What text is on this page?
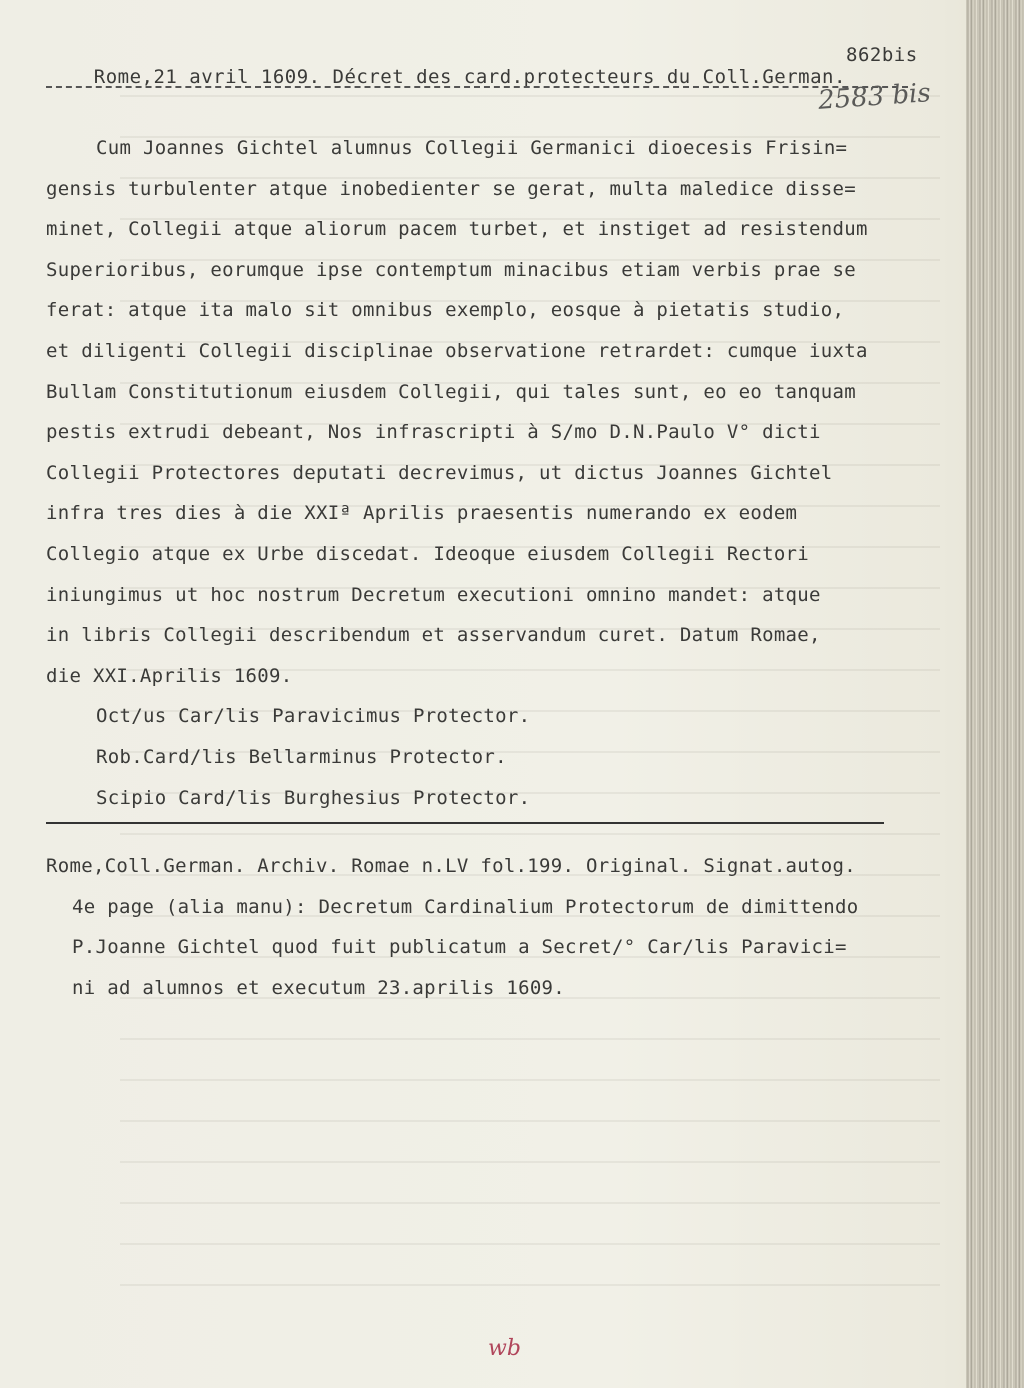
Rome,21 avril 1609. Décret des card.protecteurs du Coll.German.

862bis

2583 bis

Cum Joannes Gichtel alumnus Collegii Germanici dioecesis Frisin=

gensis turbulenter atque inobedienter se gerat, multa maledice disse=

minet, Collegii atque aliorum pacem turbet, et instiget ad resistendum

Superioribus, eorumque ipse contemptum minacibus etiam verbis prae se

ferat: atque ita malo sit omnibus exemplo, eosque à pietatis studio,

et diligenti Collegii disciplinae observatione retrardet: cumque iuxta

Bullam Constitutionum eiusdem Collegii, qui tales sunt, eo eo tanquam

pestis extrudi debeant, Nos infrascripti à S/mo D.N.Paulo V° dicti

Collegii Protectores deputati decrevimus, ut dictus Joannes Gichtel

infra tres dies à die XXIª Aprilis praesentis numerando ex eodem

Collegio atque ex Urbe discedat. Ideoque eiusdem Collegii Rectori

iniungimus ut hoc nostrum Decretum executioni omnino mandet: atque

in libris Collegii describendum et asservandum curet. Datum Romae,

die XXI.Aprilis 1609.

Oct/us Car/lis Paravicimus Protector.

Rob.Card/lis Bellarminus Protector.

Scipio Card/lis Burghesius Protector.

Rome,Coll.German. Archiv. Romae n.LV fol.199. Original. Signat.autog.

4e page (alia manu): Decretum Cardinalium Protectorum de dimittendo

P.Joanne Gichtel quod fuit publicatum a Secret/° Car/lis Paravici=

ni ad alumnos et executum 23.aprilis 1609.

wb
